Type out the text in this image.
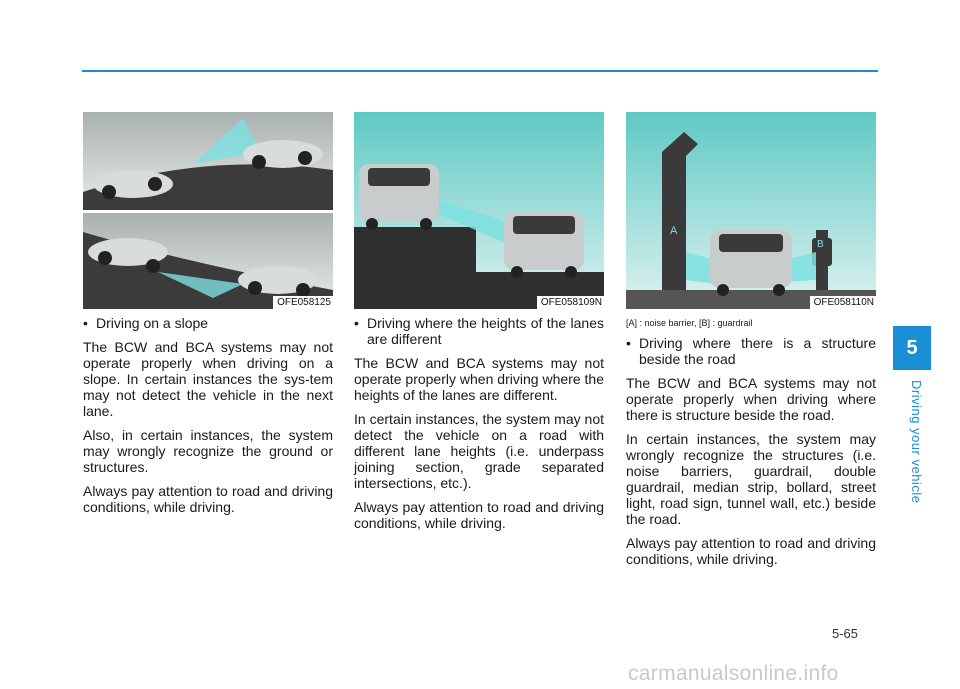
OFE058125

• Driving on a slope

The BCW and BCA systems may not operate properly when driving on a slope. In certain instances the sys-tem may not detect the vehicle in the next lane.

Also, in certain instances, the system may wrongly recognize the ground or structures.

Always pay attention to road and driving conditions, while driving.

OFE058109N

• Driving where the heights of the lanes are different

The BCW and BCA systems may not operate properly when driving where the heights of the lanes are different.

In certain instances, the system may not detect the vehicle on a road with different lane heights (i.e. underpass joining section, grade separated intersections, etc.).

Always pay attention to road and driving conditions, while driving.

A
B
OFE058110N

[A] : noise barrier, [B] : guardrail

• Driving where there is a structure beside the road

The BCW and BCA systems may not operate properly when driving where there is structure beside the road.

In certain instances, the system may wrongly recognize the structures (i.e. noise barriers, guardrail, double guardrail, median strip, bollard, street light, road sign, tunnel wall, etc.) beside the road.

Always pay attention to road and driving conditions, while driving.

5
Driving your vehicle
5-65
carmanualsonline.info
